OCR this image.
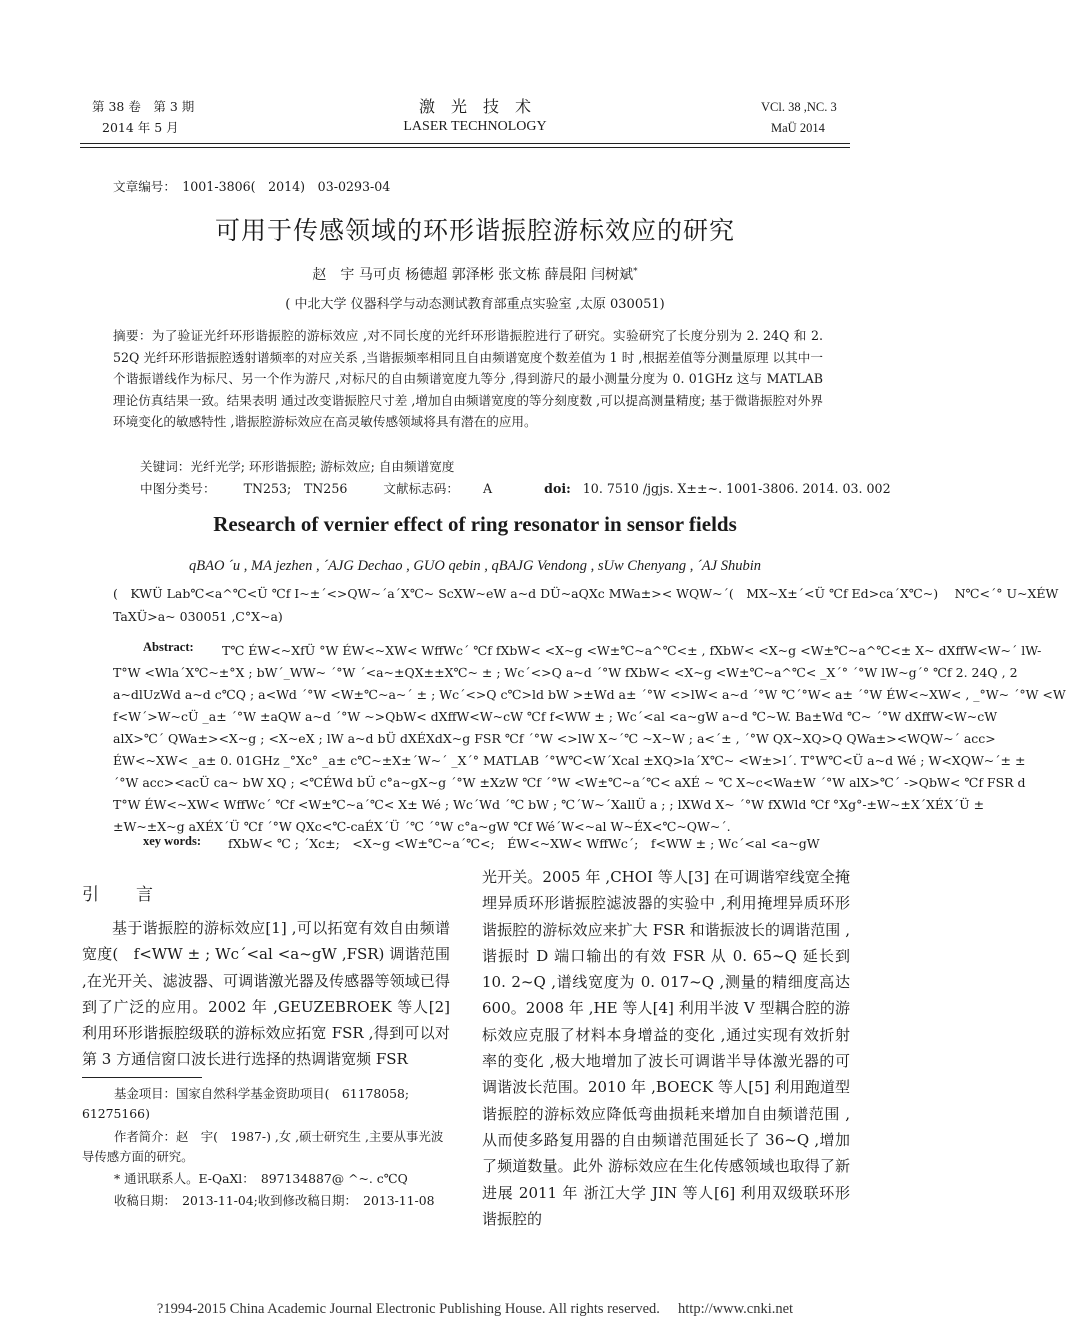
第 38 卷　第 3 期
2014 年 5 月
激　光　技　术
LASER TECHNOLOGY
VCl. 38 ,NC. 3
MaÜ 2014
文章编号：　1001-3806(　2014)　03-0293-04
可用于传感领域的环形谐振腔游标效应的研究
赵　宇 马可贞 杨德超 郭泽彬 张文栋 薛晨阳 闫树斌*
( 中北大学 仪器科学与动态测试教育部重点实验室 ,太原 030051)
摘要：为了验证光纤环形谐振腔的游标效应 ,对不同长度的光纤环形谐振腔进行了研究。实验研究了长度分别为 2. 24Q 和 2. 52Q 光纤环形谐振腔透射谱频率的对应关系 ,当谐振频率相同且自由频谱宽度个数差值为 1 时 ,根据差值等分测量原理 以其中一个谐振谱线作为标尺、另一个作为游尺 ,对标尺的自由频谱宽度九等分 ,得到游尺的最小测量分度为 0. 01GHz 这与 MATLAB 理论仿真结果一致。结果表明 通过改变谐振腔尺寸差 ,增加自由频谱宽度的等分刻度数 ,可以提高测量精度; 基于微谐振腔对外界环境变化的敏感特性 ,谐振腔游标效应在高灵敏传感领域将具有潜在的应用。
关键词：光纤光学; 环形谐振腔; 游标效应; 自由频谱宽度
中图分类号： TN253;　TN256	文献标志码： A	doi: 10. 7510 /jgjs. X±±~. 1001-3806. 2014. 03. 002
Research of vernier effect of ring resonator in sensor fields
qBAO ´u , MA jezhen , ´AJG Dechao , GUO qebin , qBAJG Vendong , sUw Chenyang , ´AJ Shubin
(　KWÜ Lab℃<a^℃<Ü ℃f I~±´<>QW~´a´X℃~ ScXW~eW a~d DÜ~aQXc MWa±>< WQW~´(　MX~X±´<Ü ℃f Ed>ca´X℃~)　 N℃<´° U~XÉW
TaXÜ>a~ 030051 ,C°X~a)
Abstract: T℃ ÉW<~XfÜ °W ÉW<~XW< WffWc´ ℃f fXbW< <X~g <W±℃~a^℃<± , fXbW< <X~g <W±℃~a^℃<± X~ dXffW<W~´ lW-
T°W <Wla´X℃~±°X ; bW´_WW~ ´°W ´<a~±QX±±X℃~ ± ; Wc´<>Q a~d ´°W fXbW< <X~g <W±℃~a^℃< _X´° ´°W lW~g´° ℃f 2. 24Q , 2
a~dlUzWd a~d c℃Q ; a<Wd ´°W <W±℃~a~´ ± ; Wc´<>Q c℃>ld bW >±Wd a± ´°W <>lW< a~d ´°W ℃´°W< a± ´°W ÉW<~XW< , _°W~ ´°W <W
f<W´>W~cÜ _a± ´°W ±aQW a~d ´°W ~>QbW< dXffW<W~cW ℃f f<WW ± ; Wc´<al <a~gW a~d ℃~W. Ba±Wd ℃~ ´°W dXffW<W~cW
alX>℃´ QWa±><X~g ; <X~eX ; lW a~d bÜ dXÉXdX~g FSR ℃f ´°W <>lW X~´℃ ~X~W ; a<´± , ´°W QX~XQ>Q QWa±><WQW~´ acc>
ÉW<~XW< _a± 0. 01GHz _°Xc° _a± c℃~±X±´W~´ _X´° MATLAB ´°W℃<W´Xcal ±XQ>la´X℃~ <W±>l´. T°W℃<Ü a~d Wé ; W<XQW~´± ±
´°W acc><acÜ ca~ bW XQ ; <℃ÉWd bÜ c°a~gX~g ´°W ±XzW ℃f ´°W <W±℃~a´℃< aXÉ ~ ℃ X~c<Wa±W ´°W alX>℃´ ->QbW< ℃f FSR d
T°W ÉW<~XW< WffWc´ ℃f <W±℃~a´℃< X± Wé ; Wc´Wd ´℃ bW ; ℃´W~´XallÜ a ; ; lXWd X~ ´°W fXWld ℃f °Xg°-±W~±X´XÉX´Ü ±
±W~±X~g aXÉX´Ü ℃f ´°W QXc<℃-caÉX´Ü ´℃ ´°W c°a~gW ℃f Wé´W<~al W~ÉX<℃~QW~´.
xey words: fXbW< ℃ ; ´Xc±;　<X~g <W±℃~a´℃<;　ÉW<~XW< WffWc´;　f<WW ± ; Wc´<al <a~gW
引　言
基于谐振腔的游标效应[1] ,可以拓宽有效自由频谱宽度(　f<WW ± ; Wc´<al <a~gW ,FSR) 调谐范围 ,在光开关、滤波器、可调谐激光器及传感器等领域已得到了广泛的应用。2002 年 ,GEUZEBROEK 等人[2] 利用环形谐振腔级联的游标效应拓宽 FSR ,得到可以对第 3 方通信窗口波长进行选择的热调谐宽频 FSR
基金项目：国家自然科学基金资助项目(　61178058; 61275166)
作者简介：赵　宇(　1987-) ,女 ,硕士研究生 ,主要从事光波导传感方面的研究。
* 通讯联系人。E-QaXl：　897134887@ ^~. c℃Q
收稿日期：　2013-11-04;收到修改稿日期：　2013-11-08
光开关。2005 年 ,CHOI 等人[3] 在可调谐窄线宽全掩埋异质环形谐振腔滤波器的实验中 ,利用掩埋异质环形谐振腔的游标效应来扩大 FSR 和谐振波长的调谐范围 ,谐振时 D 端口输出的有效 FSR 从 0. 65~Q 延长到10. 2~Q ,谱线宽度为 0. 017~Q ,测量的精细度高达 600。2008 年 ,HE 等人[4] 利用半波 V 型耦合腔的游标效应克服了材料本身增益的变化 ,通过实现有效折射率的变化 ,极大地增加了波长可调谐半导体激光器的可调谐波长范围。2010 年 ,BOECK 等人[5] 利用跑道型谐振腔的游标效应降低弯曲损耗来增加自由频谱范围 ,从而使多路复用器的自由频谱范围延长了 36~Q ,增加了频道数量。此外 游标效应在生化传感领域也取得了新进展 2011 年 浙江大学 JIN 等人[6] 利用双级联环形谐振腔的
?1994-2015 China Academic Journal Electronic Publishing House. All rights reserved.　 http://www.cnki.net
